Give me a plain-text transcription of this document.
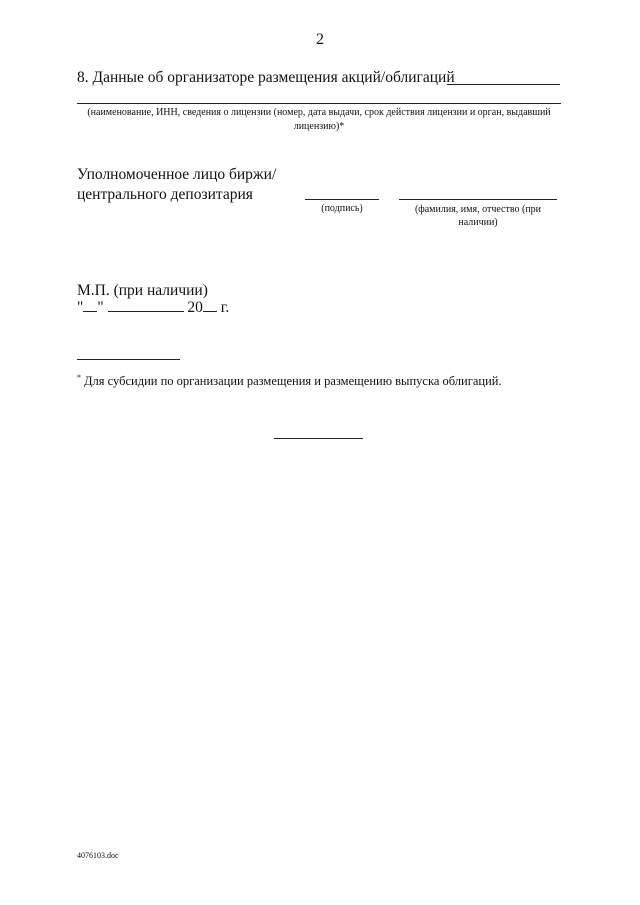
2
8. Данные об организаторе размещения акций/облигаций
(наименование, ИНН, сведения о лицензии (номер, дата выдачи, срок действия лицензии и орган, выдавший лицензию)*
Уполномоченное лицо биржи/
центрального депозитария
(подпись)	(фамилия, имя, отчество (при наличии)
М.П. (при наличии)
" "	20 г.
* Для субсидии по организации размещения и размещению выпуска облигаций.
4076103.doc
